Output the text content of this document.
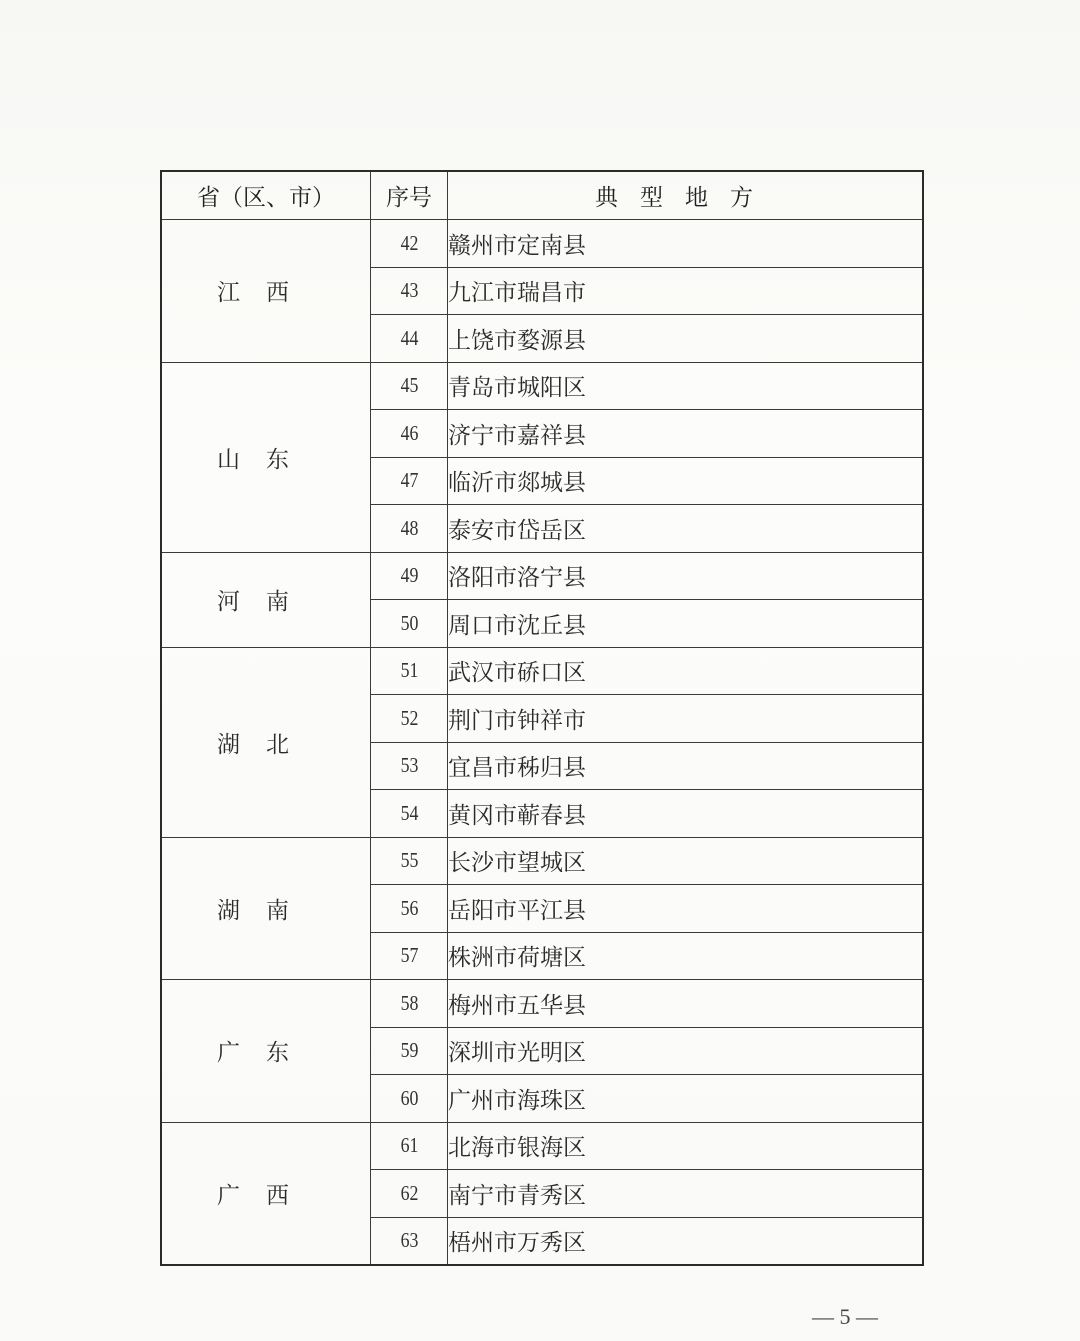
省（区、市）	序号	典型地方
江西	42	赣州市定南县
	43	九江市瑞昌市
	44	上饶市婺源县
山东	45	青岛市城阳区
	46	济宁市嘉祥县
	47	临沂市郯城县
	48	泰安市岱岳区
河南	49	洛阳市洛宁县
	50	周口市沈丘县
湖北	51	武汉市硚口区
	52	荆门市钟祥市
	53	宜昌市秭归县
	54	黄冈市蕲春县
湖南	55	长沙市望城区
	56	岳阳市平江县
	57	株洲市荷塘区
广东	58	梅州市五华县
	59	深圳市光明区
	60	广州市海珠区
广西	61	北海市银海区
	62	南宁市青秀区
	63	梧州市万秀区
— 5 —
